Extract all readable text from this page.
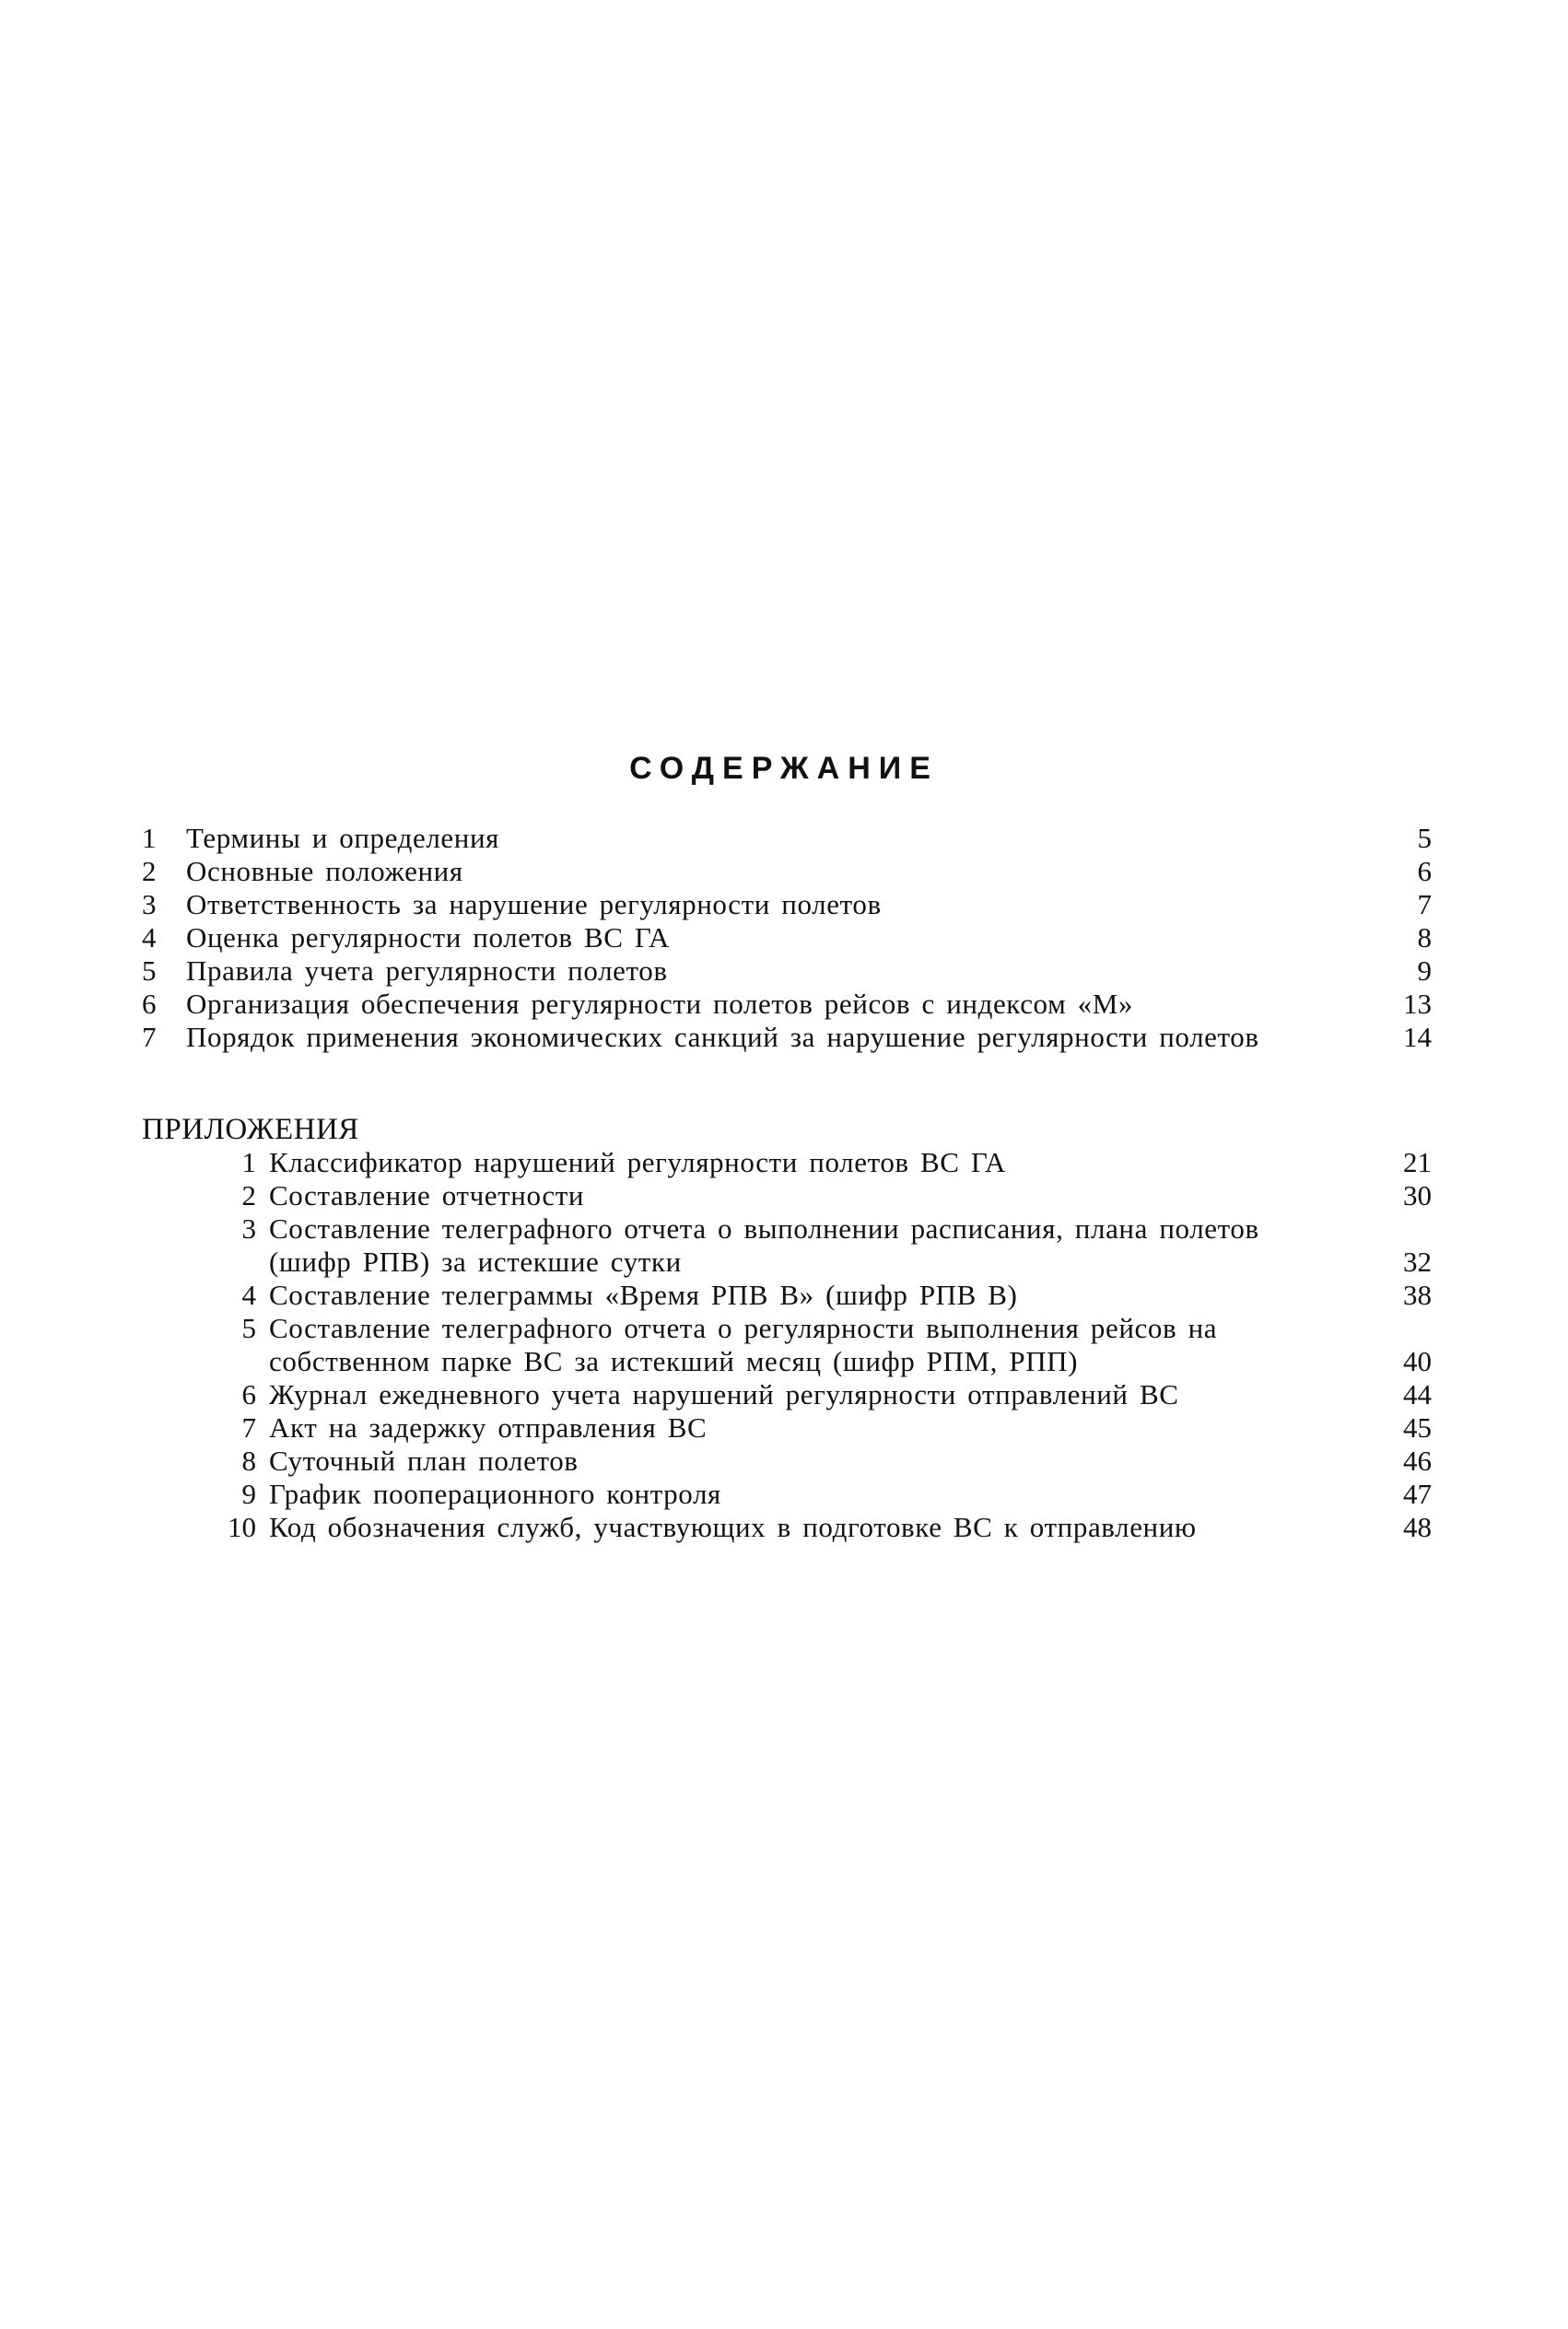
СОДЕРЖАНИЕ
1	Термины и определения	5
2	Основные положения	6
3	Ответственность за нарушение регулярности полетов	7
4	Оценка регулярности полетов ВС ГА	8
5	Правила учета регулярности полетов	9
6	Организация обеспечения регулярности полетов рейсов с индексом «М»	13
7	Порядок применения экономических санкций за нарушение регулярности полетов	14
ПРИЛОЖЕНИЯ
1 Классификатор нарушений регулярности полетов ВС ГА	21
2 Составление отчетности	30
3 Составление телеграфного отчета о выполнении расписания, плана полетов (шифр РПВ) за истекшие сутки	32
4 Составление телеграммы «Время РПВ В» (шифр РПВ В)	38
5 Составление телеграфного отчета о регулярности выполнения рейсов на собственном парке ВС за истекший месяц (шифр РПМ, РПП)	40
6 Журнал ежедневного учета нарушений регулярности отправлений ВС	44
7 Акт на задержку отправления ВС	45
8 Суточный план полетов	46
9 График пооперационного контроля	47
10 Код обозначения служб, участвующих в подготовке ВС к отправлению	48
